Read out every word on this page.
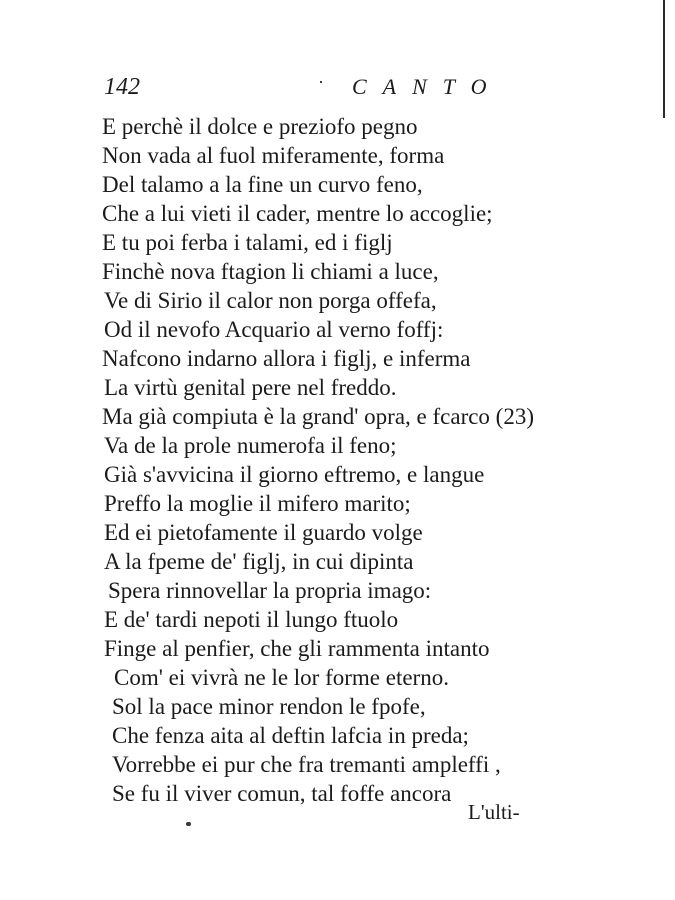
142	· CANTO
E perchè il dolce e preziofo pegno
Non vada al fuol miferamente, forma
Del talamo a la fine un curvo feno,
Che a lui vieti il cader, mentre lo accoglie;
E tu poi ferba i talami, ed i figlj
Finchè nova ftagion li chiami a luce,
Ve di Sirio il calor non porga offefa,
Od il nevofo Acquario al verno foffj:
Nafcono indarno allora i figlj, e inferma
La virtù genital pere nel freddo.
Ma già compiuta è la grand' opra, e fcarco (23)
Va de la prole numerofa il feno;
Già s'avvicina il giorno eftremo, e langue
Preffo la moglie il mifero marito;
Ed ei pietofamente il guardo volge
A la fpeme de' figlj, in cui dipinta
Spera rinnovellar la propria imago:
E de' tardi nepoti il lungo ftuolo
Finge al penfier, che gli rammenta intanto
Com' ei vivrà ne le lor forme eterno.
Sol la pace minor rendon le fpofe,
Che fenza aita al deftin lafcia in preda;
Vorrebbe ei pur che fra tremanti ampleffi ,
Se fu il viver comun, tal foffe ancora
L'ulti-
